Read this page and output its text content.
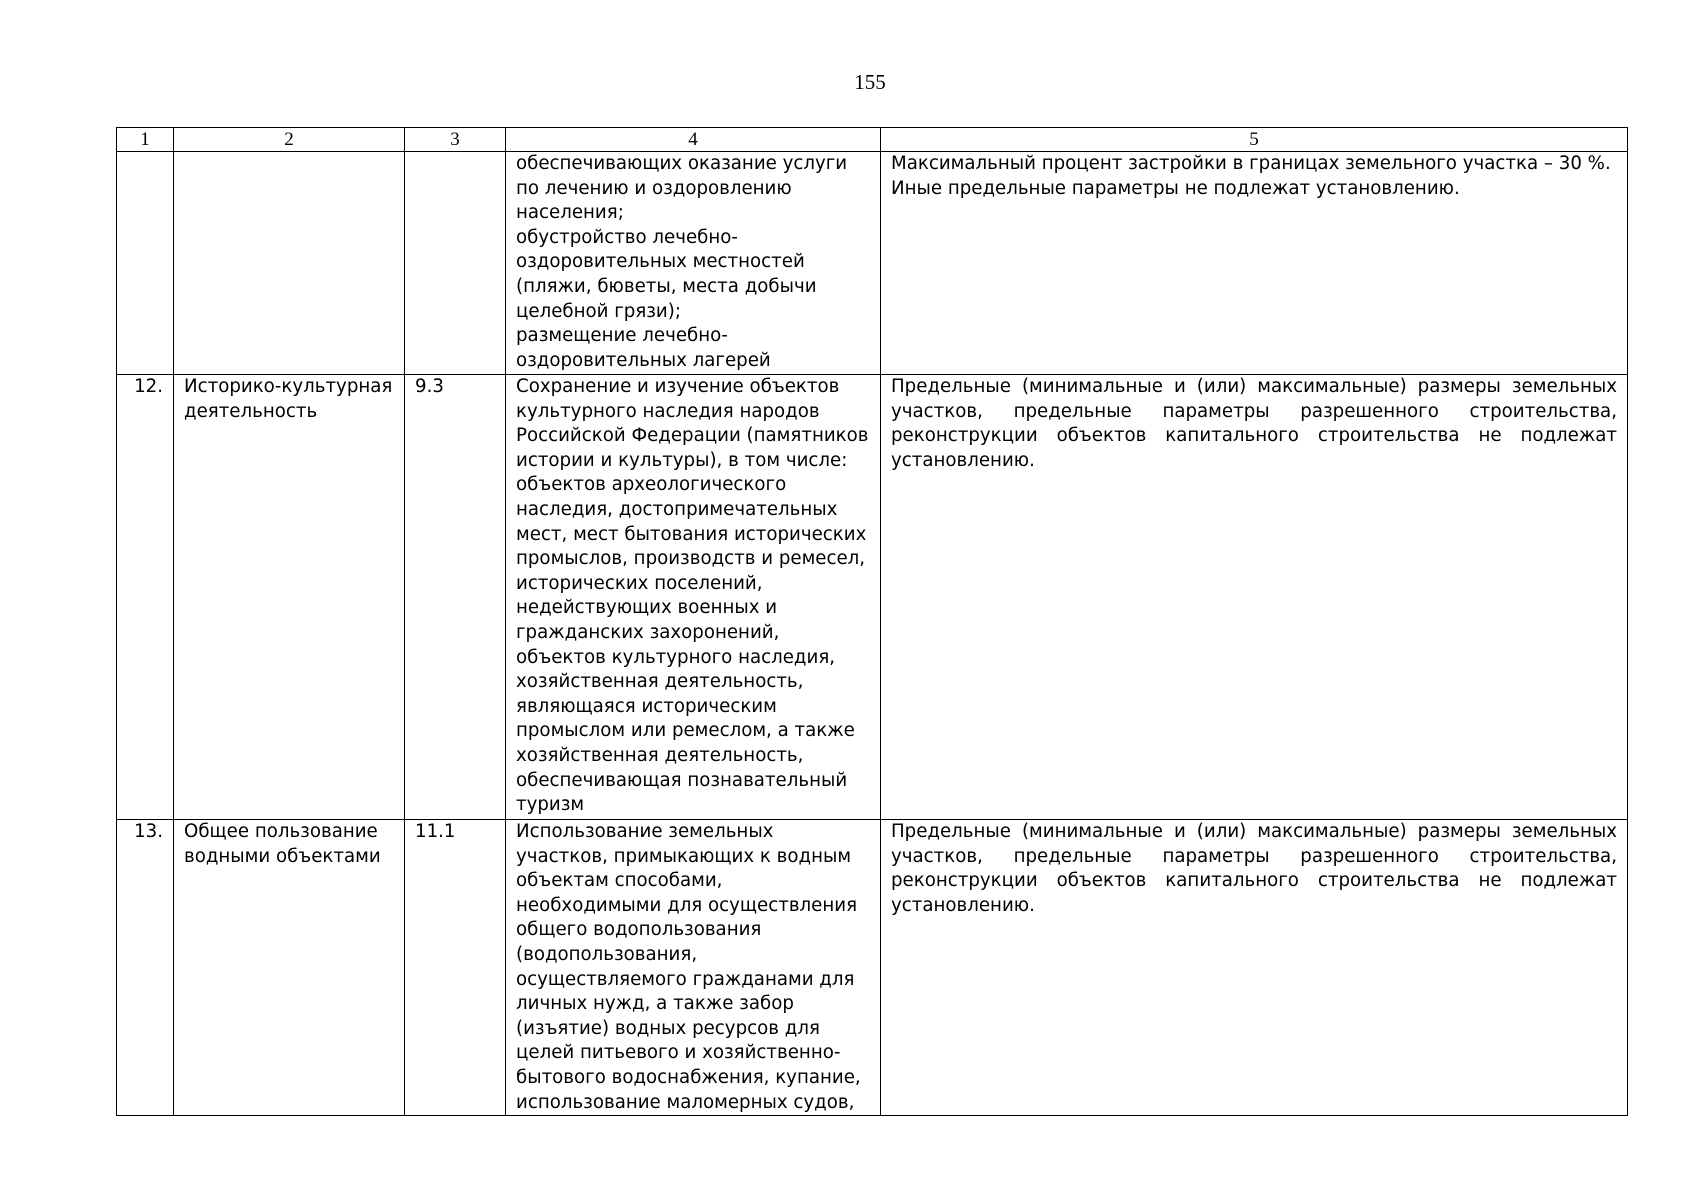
155
1	2	3	4	5
			обеспечивающих оказание услуги по лечению и оздоровлению населения;
обустройство лечебно-оздоровительных местностей (пляжи, бюветы, места добычи целебной грязи);
размещение лечебно-оздоровительных лагерей	Максимальный процент застройки в границах земельного участка – 30 %.
Иные предельные параметры не подлежат установлению.
12.	Историко-культурная деятельность	9.3	Сохранение и изучение объектов культурного наследия народов Российской Федерации (памятников истории и культуры), в том числе: объектов археологического наследия, достопримечательных мест, мест бытования исторических промыслов, производств и ремесел, исторических поселений, недействующих военных и гражданских захоронений, объектов культурного наследия,
хозяйственная деятельность, являющаяся историческим промыслом или ремеслом, а также хозяйственная деятельность, обеспечивающая познавательный туризм	Предельные (минимальные и (или) максимальные) размеры земельных участков, предельные параметры разрешенного строительства, реконструкции объектов капитального строительства не подлежат установлению.
13.	Общее пользование водными объектами	11.1	Использование земельных участков, примыкающих к водным объектам способами, необходимыми для осуществления общего водопользования (водопользования, осуществляемого гражданами для личных нужд, а также забор (изъятие) водных ресурсов для целей питьевого и хозяйственно-бытового водоснабжения, купание, использование маломерных судов,	Предельные (минимальные и (или) максимальные) размеры земельных участков, предельные параметры разрешенного строительства, реконструкции объектов капитального строительства не подлежат установлению.
